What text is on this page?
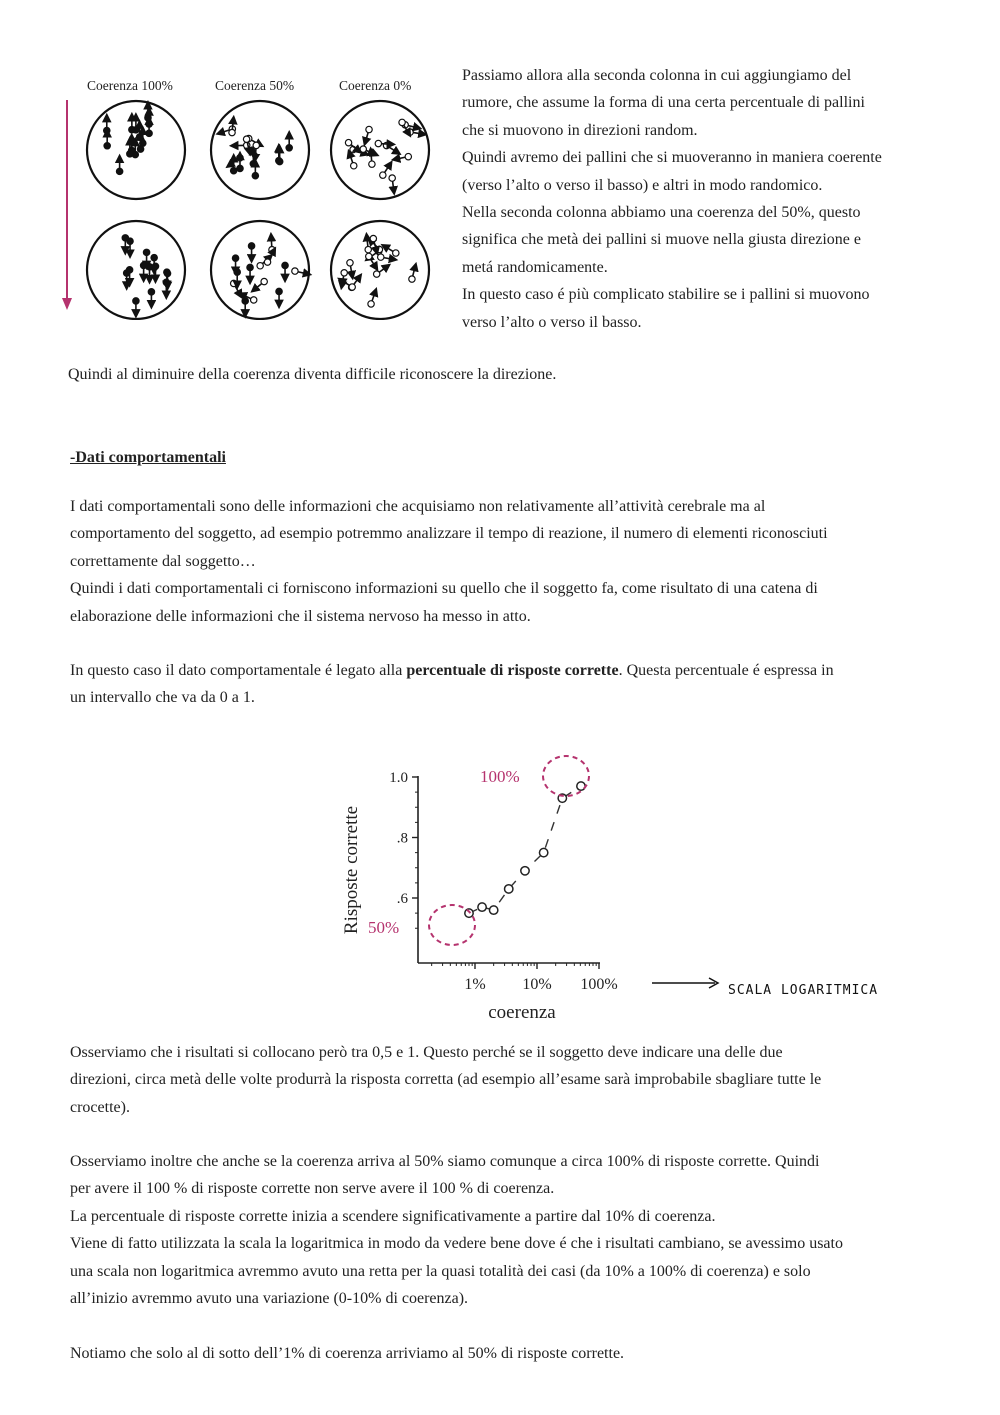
Coerenza 100%	Coerenza 50%	Coerenza 0%
Passiamo allora alla seconda colonna in cui aggiungiamo del
rumore, che assume la forma di una certa percentuale di pallini
che si muovono in direzioni random.
Quindi avremo dei pallini che si muoveranno in maniera coerente
(verso l’alto o verso il basso) e altri in modo randomico.
Nella seconda colonna abbiamo una coerenza del 50%, questo
significa che metà dei pallini si muove nella giusta direzione e
metá randomicamente.
In questo caso é più complicato stabilire se i pallini si muovono
verso l’alto o verso il basso.

Quindi al diminuire della coerenza diventa difficile riconoscere la direzione.

-Dati comportamentali

I dati comportamentali sono delle informazioni che acquisiamo non relativamente all’attività cerebrale ma al
comportamento del soggetto, ad esempio potremmo analizzare il tempo di reazione, il numero di elementi riconosciuti
correttamente dal soggetto…
Quindi i dati comportamentali ci forniscono informazioni su quello che il soggetto fa, come risultato di una catena di
elaborazione delle informazioni che il sistema nervoso ha messo in atto.
In questo caso il dato comportamentale é legato alla percentuale di risposte corrette. Questa percentuale é espressa in
un intervallo che va da 0 a 1.
1.0
.8
.6
1% 10% 100%
Risposte corrette
coerenza
100%
50%
SCALA LOGARITMICA
Osserviamo che i risultati si collocano però tra 0,5 e 1. Questo perché se il soggetto deve indicare una delle due
direzioni, circa metà delle volte produrrà la risposta corretta (ad esempio all’esame sarà improbabile sbagliare tutte le
crocette).
Osserviamo inoltre che anche se la coerenza arriva al 50% siamo comunque a circa 100% di risposte corrette. Quindi
per avere il 100 % di risposte corrette non serve avere il 100 % di coerenza.
La percentuale di risposte corrette inizia a scendere significativamente a partire dal 10% di coerenza.
Viene di fatto utilizzata la scala la logaritmica in modo da vedere bene dove é che i risultati cambiano, se avessimo usato
una scala non logaritmica avremmo avuto una retta per la quasi totalità dei casi (da 10% a 100% di coerenza) e solo
all’inizio avremmo avuto una variazione (0-10% di coerenza).

Notiamo che solo al di sotto dell’1% di coerenza arriviamo al 50% di risposte corrette.
